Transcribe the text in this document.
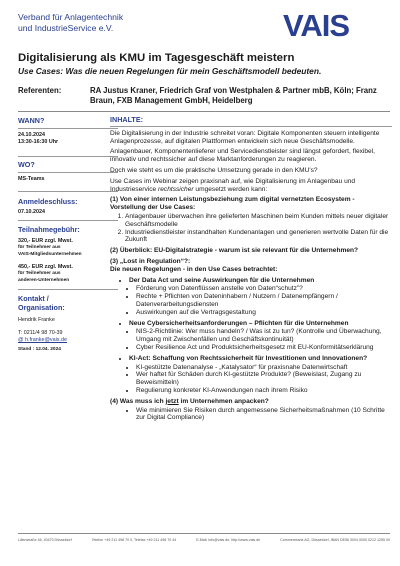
Verband für Anlagentechnik
und IndustrieService e.V.	VAIS
Digitalisierung als KMU im Tagesgeschäft meistern
Use Cases: Was die neuen Regelungen für mein Geschäftsmodell bedeuten.
Referenten:	RA Justus Kraner, Friedrich Graf von Westphalen & Partner mbB, Köln; Franz Braun, FXB Management GmbH, Heidelberg
WANN?
24.10.2024
13:30-16:30 Uhr
WO?
MS-Teams
Anmeldeschluss:
07.10.2024
Teilnahmegebühr:
320,- EUR zzgl. Mwst.
für Teilnehmer aus
VAIS-Mitgliedsunternehmen
450,- EUR zzgl. Mwst.
für Teilnehmer aus
anderen-Unternehmen
Kontakt /
Organisation:
Hendrik Franke
T: 0211/4 98 70-39
@ h.franke@vais.de
Stand : 12.04. 2024
INHALTE:

Die Digitalisierung in der Industrie schreitet voran: Digitale Komponenten steuern intelligente Anlagenprozesse, auf digitalen Plattformen entwickeln sich neue Geschäftsmodelle.

Anlagenbauer, Komponentenlieferer und Servicedienstleister sind längst gefordert, flexibel, innovativ und rechtssicher auf diese Marktanforderungen zu reagieren.

Doch wie steht es um die praktische Umsetzung gerade in den KMU's?

Use Cases im Webinar zeigen praxisnah auf, wie Digitalisierung im Anlagenbau und Industrieservice rechtssicher umgesetzt werden kann:

(1) Von einer internen Leistungsbeziehung zum digital vernetzten Ecosystem - Vorstellung der Use Cases:

1. Anlagenbauer überwachen ihre gelieferten Maschinen beim Kunden mittels neuer digitaler Geschäftsmodelle
2. Industriedienstleister instandhalten Kundenanlagen und generieren wertvolle Daten für die Zukunft

(2) Überblick: EU-Digitalstrategie - warum ist sie relevant für die Unternehmen?

(3) „Lost in Regulation“?:

Die neuen Regelungen - in den Use Cases betrachtet:

• Der Data Act und seine Auswirkungen für die Unternehmen
• Förderung von Datenflüssen anstelle von Daten“schutz”?
• Rechte + Pflichten von Dateninhabern / Nutzern / Datenempfängern / Datenverarbeitungsdiensten
• Auswirkungen auf die Vertragsgestaltung
• Neue Cybersicherheitsanforderungen – Pflichten für die Unternehmen
• NIS-2-Richtlinie: Wer muss handeln? / Was ist zu tun? (Kontrolle und Überwachung, Umgang mit Zwischenfällen und Geschäftskontinuität)
• Cyber Resilience Act und Produktsicherheitsgesetz mit EU-Konformitätserklärung
• KI-Act: Schaffung von Rechtssicherheit für Investitionen und Innovationen?
• KI-gestützte Datenanalyse - „Katalysator“ für praxisnahe Datenwirtschaft
• Wer haftet für Schäden durch KI-gestützte Produkte? (Beweislast, Zugang zu Beweismitteln)
• Regulierung konkreter KI-Anwendungen nach ihrem Risiko

(4) Was muss ich jetzt im Unternehmen anpacken?

• Wie minimieren Sie Risiken durch angemessene Sicherheitsmaßnahmen (10 Schritte zur Digital Compliance)
Lilienstraße 46, 40470 Düsseldorf	Telefon +49 211 498 70 0, Telefax +49 211 498 70 44	E-Mail: info@vais.de, http://www.vais.de	Commerzbank AG, Düsseldorf, IBAN DE56 3004 0000 0212 1255 00
